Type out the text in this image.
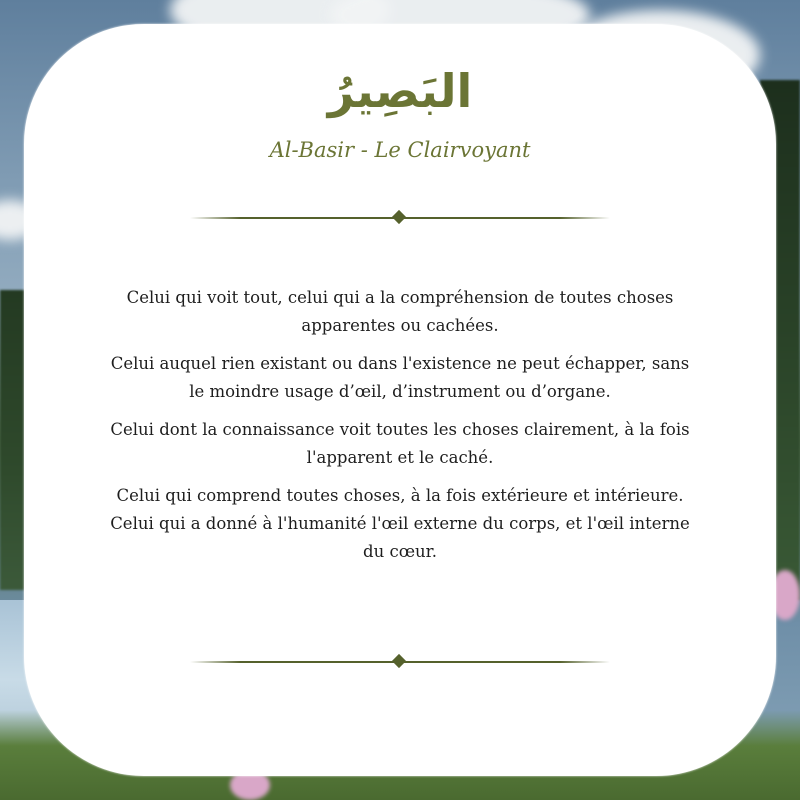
البَصِيرُ
Al-Basir - Le Clairvoyant

Celui qui voit tout, celui qui a la compréhension de toutes choses apparentes ou cachées.

Celui auquel rien existant ou dans l'existence ne peut échapper, sans le moindre usage d’œil, d’instrument ou d’organe.

Celui dont la connaissance voit toutes les choses clairement, à la fois l'apparent et le caché.

Celui qui comprend toutes choses, à la fois extérieure et intérieure. Celui qui a donné à l'humanité l'œil externe du corps, et l'œil interne du cœur.
